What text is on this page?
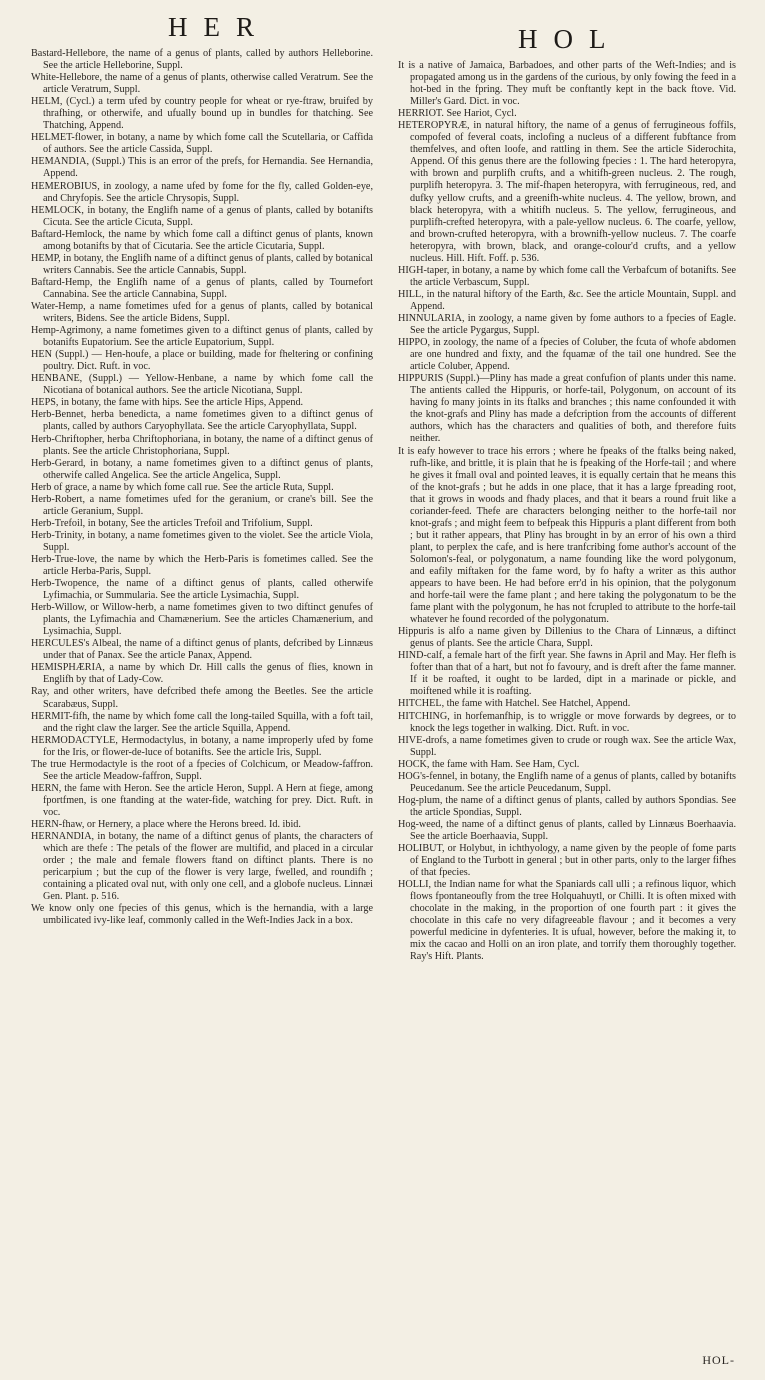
HER	HOL

Bastard-Hellebore, the name of a genus of plants, called by authors Helleborine. See the article Helleborine, Suppl.

White-Hellebore, the name of a genus of plants, otherwise called Veratrum. See the article Veratrum, Suppl.

HELM, (Cycl.) a term ufed by country people for wheat or rye-ftraw, bruifed by thrafhing, or otherwife, and ufually bound up in bundles for thatching. See Thatching, Append.

HELMET-flower, in botany, a name by which fome call the Scutellaria, or Caffida of authors. See the article Cassida, Suppl.

HEMANDIA, (Suppl.) This is an error of the prefs, for Hernandia. See Hernandia, Append.

HEMEROBIUS, in zoology, a name ufed by fome for the fly, called Golden-eye, and Chryfopis. See the article Chrysopis, Suppl.

HEMLOCK, in botany, the Englifh name of a genus of plants, called by botanifts Cicuta. See the article Cicuta, Suppl.

Baftard-Hemlock, the name by which fome call a diftinct genus of plants, known among botanifts by that of Cicutaria. See the article Cicutaria, Suppl.

HEMP, in botany, the Englifh name of a diftinct genus of plants, called by botanical writers Cannabis. See the article Cannabis, Suppl.

Baftard-Hemp, the Englifh name of a genus of plants, called by Tournefort Cannabina. See the article Cannabina, Suppl.

Water-Hemp, a name fometimes ufed for a genus of plants, called by botanical writers, Bidens. See the article Bidens, Suppl.

Hemp-Agrimony, a name fometimes given to a diftinct genus of plants, called by botanifts Eupatorium. See the article Eupatorium, Suppl.

HEN (Suppl.) — Hen-houfe, a place or building, made for fheltering or confining poultry. Dict. Ruft. in voc.

HENBANE, (Suppl.) — Yellow-Henbane, a name by which fome call the Nicotiana of botanical authors. See the article Nicotiana, Suppl.

HEPS, in botany, the fame with hips. See the article Hips, Append.

Herb-Bennet, herba benedicta, a name fometimes given to a diftinct genus of plants, called by authors Caryophyllata. See the article Caryophyllata, Suppl.

Herb-Chriftopher, herba Chriftophoriana, in botany, the name of a diftinct genus of plants. See the article Christophoriana, Suppl.

Herb-Gerard, in botany, a name fometimes given to a diftinct genus of plants, otherwife called Angelica. See the article Angelica, Suppl.

Herb of grace, a name by which fome call rue. See the article Ruta, Suppl.

Herb-Robert, a name fometimes ufed for the geranium, or crane's bill. See the article Geranium, Suppl.

Herb-Trefoil, in botany, See the articles Trefoil and Trifolium, Suppl.

Herb-Trinity, in botany, a name fometimes given to the violet. See the article Viola, Suppl.

Herb-True-love, the name by which the Herb-Paris is fometimes called. See the article Herba-Paris, Suppl.

Herb-Twopence, the name of a diftinct genus of plants, called otherwife Lyfimachia, or Summularia. See the article Lysimachia, Suppl.

Herb-Willow, or Willow-herb, a name fometimes given to two diftinct genufes of plants, the Lyfimachia and Chamænerium. See the articles Chamænerium, and Lysimachia, Suppl.

HERCULES's Albeal, the name of a diftinct genus of plants, defcribed by Linnæus under that of Panax. See the article Panax, Append.

HEMISPHÆRIA, a name by which Dr. Hill calls the genus of flies, known in Englifh by that of Lady-Cow.

Ray, and other writers, have defcribed thefe among the Beetles. See the article Scarabæus, Suppl.

HERMIT-fifh, the name by which fome call the long-tailed Squilla, with a foft tail, and the right claw the larger. See the article Squilla, Append.

HERMODACTYLE, Hermodactylus, in botany, a name improperly ufed by fome for the Iris, or flower-de-luce of botanifts. See the article Iris, Suppl.

The true Hermodactyle is the root of a fpecies of Colchicum, or Meadow-faffron. See the article Meadow-faffron, Suppl.

HERN, the fame with Heron. See the article Heron, Suppl. A Hern at fiege, among fportfmen, is one ftanding at the water-fide, watching for prey. Dict. Ruft. in voc.

HERN-fhaw, or Hernery, a place where the Herons breed. Id. ibid.

HERNANDIA, in botany, the name of a diftinct genus of plants, the characters of which are thefe : The petals of the flower are multifid, and placed in a circular order ; the male and female flowers ftand on diftinct plants. There is no pericarpium ; but the cup of the flower is very large, fwelled, and roundifh ; containing a plicated oval nut, with only one cell, and a globofe nucleus. Linnæi Gen. Plant. p. 516.

We know only one fpecies of this genus, which is the hernandia, with a large umbilicated ivy-like leaf, commonly called in the Weft-Indies Jack in a box.

It is a native of Jamaica, Barbadoes, and other parts of the Weft-Indies; and is propagated among us in the gardens of the curious, by only fowing the feed in a hot-bed in the fpring. They muft be conftantly kept in the back ftove. Vid. Miller's Gard. Dict. in voc.

HERRIOT. See Hariot, Cycl.

HETEROPYRÆ, in natural hiftory, the name of a genus of ferrugineous foffils, compofed of feveral coats, inclofing a nucleus of a different fubftance from themfelves, and often loofe, and rattling in them. See the article Siderochita, Append. Of this genus there are the following fpecies : 1. The hard heteropyra, with brown and purplifh crufts, and a whitifh-green nucleus. 2. The rough, purplifh heteropyra. 3. The mif-fhapen heteropyra, with ferrugineous, red, and dufky yellow crufts, and a greenifh-white nucleus. 4. The yellow, brown, and black heteropyra, with a whitifh nucleus. 5. The yellow, ferrugineous, and purplifh-crefted heteropyra, with a pale-yellow nucleus. 6. The coarfe, yellow, and brown-crufted heteropyra, with a brownifh-yellow nucleus. 7. The coarfe heteropyra, with brown, black, and orange-colour'd crufts, and a yellow nucleus. Hill. Hift. Foff. p. 536.

HIGH-taper, in botany, a name by which fome call the Verbafcum of botanifts. See the article Verbascum, Suppl.

HILL, in the natural hiftory of the Earth, &c. See the article Mountain, Suppl. and Append.

HINNULARIA, in zoology, a name given by fome authors to a fpecies of Eagle. See the article Pygargus, Suppl.

HIPPO, in zoology, the name of a fpecies of Coluber, the fcuta of whofe abdomen are one hundred and fixty, and the fquamæ of the tail one hundred. See the article Coluber, Append.

HIPPURIS (Suppl.)—Pliny has made a great confufion of plants under this name. The antients called the Hippuris, or horfe-tail, Polygonum, on account of its having fo many joints in its ftalks and branches ; this name confounded it with the knot-grafs and Pliny has made a defcription from the accounts of different authors, which has the characters and qualities of both, and therefore fuits neither.

It is eafy however to trace his errors ; where he fpeaks of the ftalks being naked, rufh-like, and brittle, it is plain that he is fpeaking of the Horfe-tail ; and where he gives it fmall oval and pointed leaves, it is equally certain that he means this of the knot-grafs ; but he adds in one place, that it has a large fpreading root, that it grows in woods and fhady places, and that it bears a round fruit like a coriander-feed. Thefe are characters belonging neither to the horfe-tail nor knot-grafs ; and might feem to befpeak this Hippuris a plant different from both ; but it rather appears, that Pliny has brought in by an error of his own a third plant, to perplex the cafe, and is here tranfcribing fome author's account of the Solomon's-feal, or polygonatum, a name founding like the word polygonum, and eafily miftaken for the fame word, by fo hafty a writer as this author appears to have been. He had before err'd in his opinion, that the polygonum and horfe-tail were the fame plant ; and here taking the polygonatum to be the fame plant with the polygonum, he has not fcrupled to attribute to the horfe-tail whatever he found recorded of the polygonatum.

Hippuris is alfo a name given by Dillenius to the Chara of Linnæus, a diftinct genus of plants. See the article Chara, Suppl.

HIND-calf, a female hart of the firft year. She fawns in April and May. Her flefh is fofter than that of a hart, but not fo favoury, and is dreft after the fame manner. If it be roafted, it ought to be larded, dipt in a marinade or pickle, and moiftened while it is roafting.

HITCHEL, the fame with Hatchel. See Hatchel, Append.

HITCHING, in horfemanfhip, is to wriggle or move forwards by degrees, or to knock the legs together in walking. Dict. Ruft. in voc.

HIVE-drofs, a name fometimes given to crude or rough wax. See the article Wax, Suppl.

HOCK, the fame with Ham. See Ham, Cycl.

HOG's-fennel, in botany, the Englifh name of a genus of plants, called by botanifts Peucedanum. See the article Peucedanum, Suppl.

Hog-plum, the name of a diftinct genus of plants, called by authors Spondias. See the article Spondias, Suppl.

Hog-weed, the name of a diftinct genus of plants, called by Linnæus Boerhaavia. See the article Boerhaavia, Suppl.

HOLIBUT, or Holybut, in ichthyology, a name given by the people of fome parts of England to the Turbott in general ; but in other parts, only to the larger fifhes of that fpecies.

HOLLI, the Indian name for what the Spaniards call ulli ; a refinous liquor, which flows fpontaneoufly from the tree Holquahuytl, or Chilli. It is often mixed with chocolate in the making, in the proportion of one fourth part : it gives the chocolate in this cafe no very difagreeable flavour ; and it becomes a very powerful medicine in dyfenteries. It is ufual, however, before the making it, to mix the cacao and Holli on an iron plate, and torrify them thoroughly together. Ray's Hift. Plants.

HOL-
